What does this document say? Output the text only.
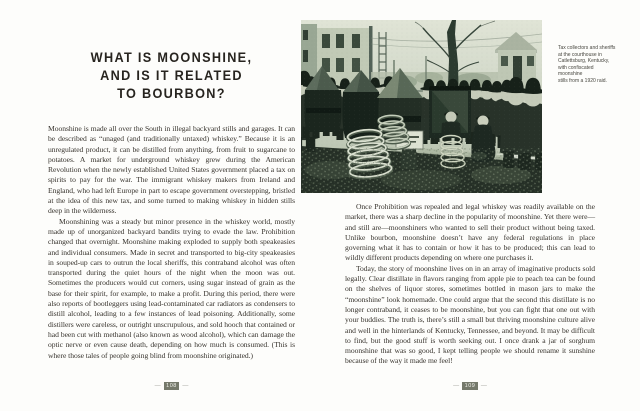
WHAT IS MOONSHINE,
AND IS IT RELATED
TO BOURBON?

Moonshine is made all over the South in illegal backyard stills and garages. It can be described as “unaged (and traditionally untaxed) whiskey.” Because it is an unregulated product, it can be distilled from anything, from fruit to sugarcane to potatoes. A market for underground whiskey grew during the American Revolution when the newly established United States government placed a tax on spirits to pay for the war. The immigrant whiskey makers from Ireland and England, who had left Europe in part to escape government overstepping, bristled at the idea of this new tax, and some turned to making whiskey in hidden stills deep in the wilderness.

Moonshining was a steady but minor presence in the whiskey world, mostly made up of unorganized backyard bandits trying to evade the law. Prohibition changed that overnight. Moonshine making exploded to supply both speakeasies and individual consumers. Made in secret and transported to big-city speakeasies in souped-up cars to outrun the local sheriffs, this contraband alcohol was often transported during the quiet hours of the night when the moon was out. Sometimes the producers would cut corners, using sugar instead of grain as the base for their spirit, for example, to make a profit. During this period, there were also reports of bootleggers using lead-contaminated car radiators as condensers to distill alcohol, leading to a few instances of lead poisoning. Additionally, some distillers were careless, or outright unscrupulous, and sold hooch that contained or had been cut with methanol (also known as wood alcohol), which can damage the optic nerve or even cause death, depending on how much is consumed. (This is where those tales of people going blind from moonshine originated.)

—	108 —
Tax collectors and sheriffs
at the courthouse in
Catlettsburg, Kentucky,
with confiscated moonshine
stills from a 1920 raid.

Once Prohibition was repealed and legal whiskey was readily available on the market, there was a sharp decline in the popularity of moonshine. Yet there were—and still are—moonshiners who wanted to sell their product without being taxed. Unlike bourbon, moonshine doesn’t have any federal regulations in place governing what it has to contain or how it has to be produced; this can lead to wildly different products depending on where one purchases it.

Today, the story of moonshine lives on in an array of imaginative products sold legally. Clear distillate in flavors ranging from apple pie to peach tea can be found on the shelves of liquor stores, sometimes bottled in mason jars to make the “moonshine” look homemade. One could argue that the second this distillate is no longer contraband, it ceases to be moonshine, but you can fight that one out with your buddies. The truth is, there’s still a small but thriving moonshine culture alive and well in the hinterlands of Kentucky, Tennessee, and beyond. It may be difficult to find, but the good stuff is worth seeking out. I once drank a jar of sorghum moonshine that was so good, I kept telling people we should rename it sunshine because of the way it made me feel!

—	109 —
